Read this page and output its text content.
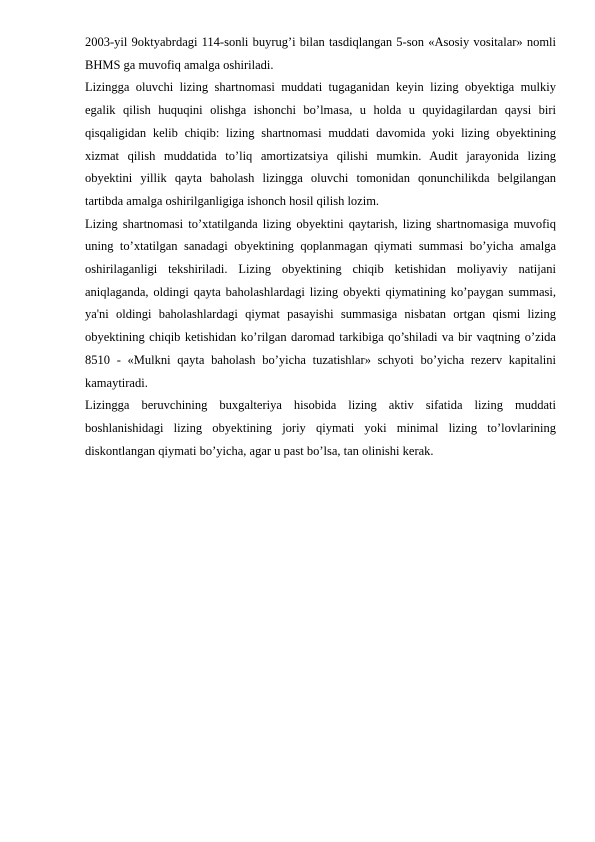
2003-yil 9oktyabrdagi 114-sonli buyrug’i bilan tasdiqlangan 5-son «Asosiy vositalar» nomli BHMS ga muvofiq amalga oshiriladi.

Lizingga oluvchi lizing shartnomasi muddati tugaganidan keyin lizing obyektiga mulkiy egalik qilish huquqini olishga ishonchi bo’lmasa, u holda u quyidagilardan qaysi biri qisqaligidan kelib chiqib: lizing shartnomasi muddati davomida yoki lizing obyektining xizmat qilish muddatida to’liq amortizatsiya qilishi mumkin. Audit jarayonida lizing obyektini yillik qayta baholash lizingga oluvchi tomonidan qonunchilikda belgilangan tartibda amalga oshirilganligiga ishonch hosil qilish lozim.

Lizing shartnomasi to’xtatilganda lizing obyektini qaytarish, lizing shartnomasiga muvofiq uning to’xtatilgan sanadagi obyektining qoplanmagan qiymati summasi bo’yicha amalga oshirilaganligi tekshiriladi. Lizing obyektining chiqib ketishidan moliyaviy natijani aniqlaganda, oldingi qayta baholashlardagi lizing obyekti qiymatining ko’paygan summasi, ya'ni oldingi baholashlardagi qiymat pasayishi summasiga nisbatan ortgan qismi lizing obyektining chiqib ketishidan ko’rilgan daromad tarkibiga qo’shiladi va bir vaqtning o’zida 8510 - «Mulkni qayta baholash bo’yicha tuzatishlar» schyoti bo’yicha rezerv kapitalini kamaytiradi.

Lizingga beruvchining buxgalteriya hisobida lizing aktiv sifatida lizing muddati boshlanishidagi lizing obyektining joriy qiymati yoki minimal lizing to’lovlarining diskontlangan qiymati bo’yicha, agar u past bo’lsa, tan olinishi kerak.
